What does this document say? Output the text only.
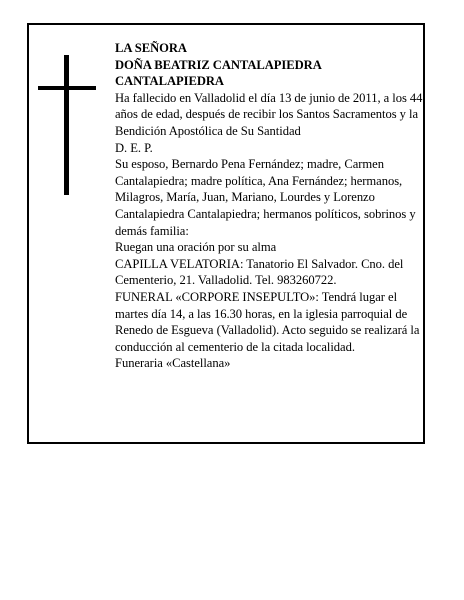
LA SEÑORA

DOÑA BEATRIZ CANTALAPIEDRA

CANTALAPIEDRA

Ha fallecido en Valladolid el día 13 de junio de 2011, a los 44 años de edad, después de recibir los Santos Sacramentos y la Bendición Apostólica de Su Santidad

D. E. P.

Su esposo, Bernardo Pena Fernández; madre, Carmen Cantalapiedra; madre política, Ana Fernández; hermanos, Milagros, María, Juan, Mariano, Lourdes y Lorenzo Cantalapiedra Cantalapiedra; hermanos políticos, sobrinos y demás familia:

Ruegan una oración por su alma

CAPILLA VELATORIA: Tanatorio El Salvador. Cno. del Cementerio, 21. Valladolid. Tel. 983260722.

FUNERAL «CORPORE INSEPULTO»: Tendrá lugar el martes día 14, a las 16.30 horas, en la iglesia parroquial de Renedo de Esgueva (Valladolid). Acto seguido se realizará la conducción al cementerio de la citada localidad.

Funeraria «Castellana»
